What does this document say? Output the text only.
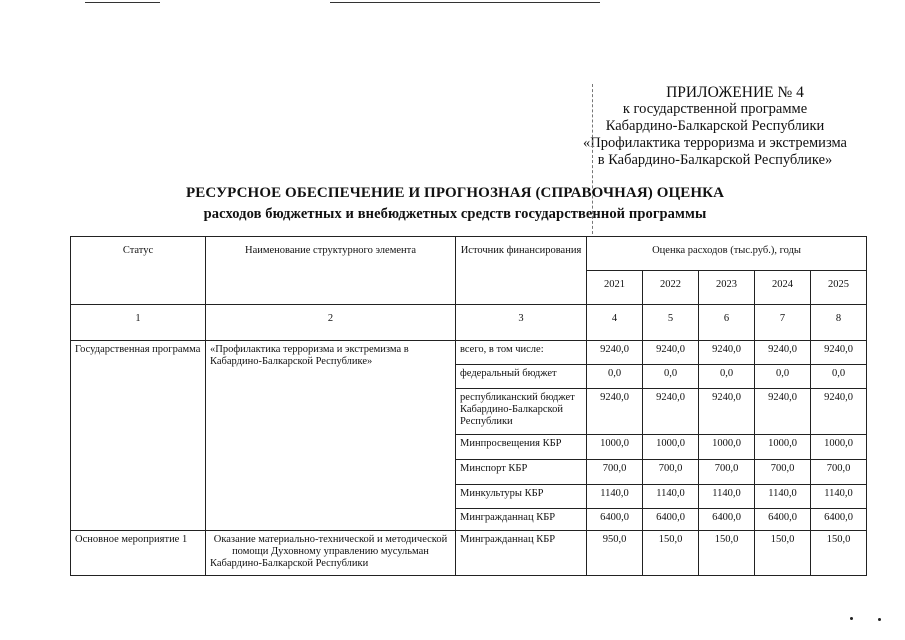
ПРИЛОЖЕНИЕ № 4
к государственной программе
Кабардино-Балкарской Республики
«Профилактика терроризма и экстремизма
в Кабардино-Балкарской Республике»
РЕСУРСНОЕ ОБЕСПЕЧЕНИЕ И ПРОГНОЗНАЯ (СПРАВОЧНАЯ) ОЦЕНКА
расходов бюджетных и внебюджетных средств государственной программы
Статус	Наименование структурного элемента	Источник финансирования	Оценка расходов (тыс.руб.), годы				
			2021	2022	2023	2024	2025
1	2	3	4	5	6	7	8
Государственная программа	«Профилактика терроризма и экстремизма в Кабардино-Балкарской Республике»	всего, в том числе:	9240,0	9240,0	9240,0	9240,0	9240,0
		федеральный бюджет	0,0	0,0	0,0	0,0	0,0
		республиканский бюджет Кабардино-Балкарской Республики	9240,0	9240,0	9240,0	9240,0	9240,0
		Минпросвещения КБР	1000,0	1000,0	1000,0	1000,0	1000,0
		Минспорт КБР	700,0	700,0	700,0	700,0	700,0
		Минкультуры КБР	1140,0	1140,0	1140,0	1140,0	1140,0
		Мингражданнац КБР	6400,0	6400,0	6400,0	6400,0	6400,0
Основное мероприятие 1	Оказание материально-технической и методической помощи Духовному управлению мусульман Кабардино-Балкарской Республики	Мингражданнац КБР	950,0	150,0	150,0	150,0	150,0
